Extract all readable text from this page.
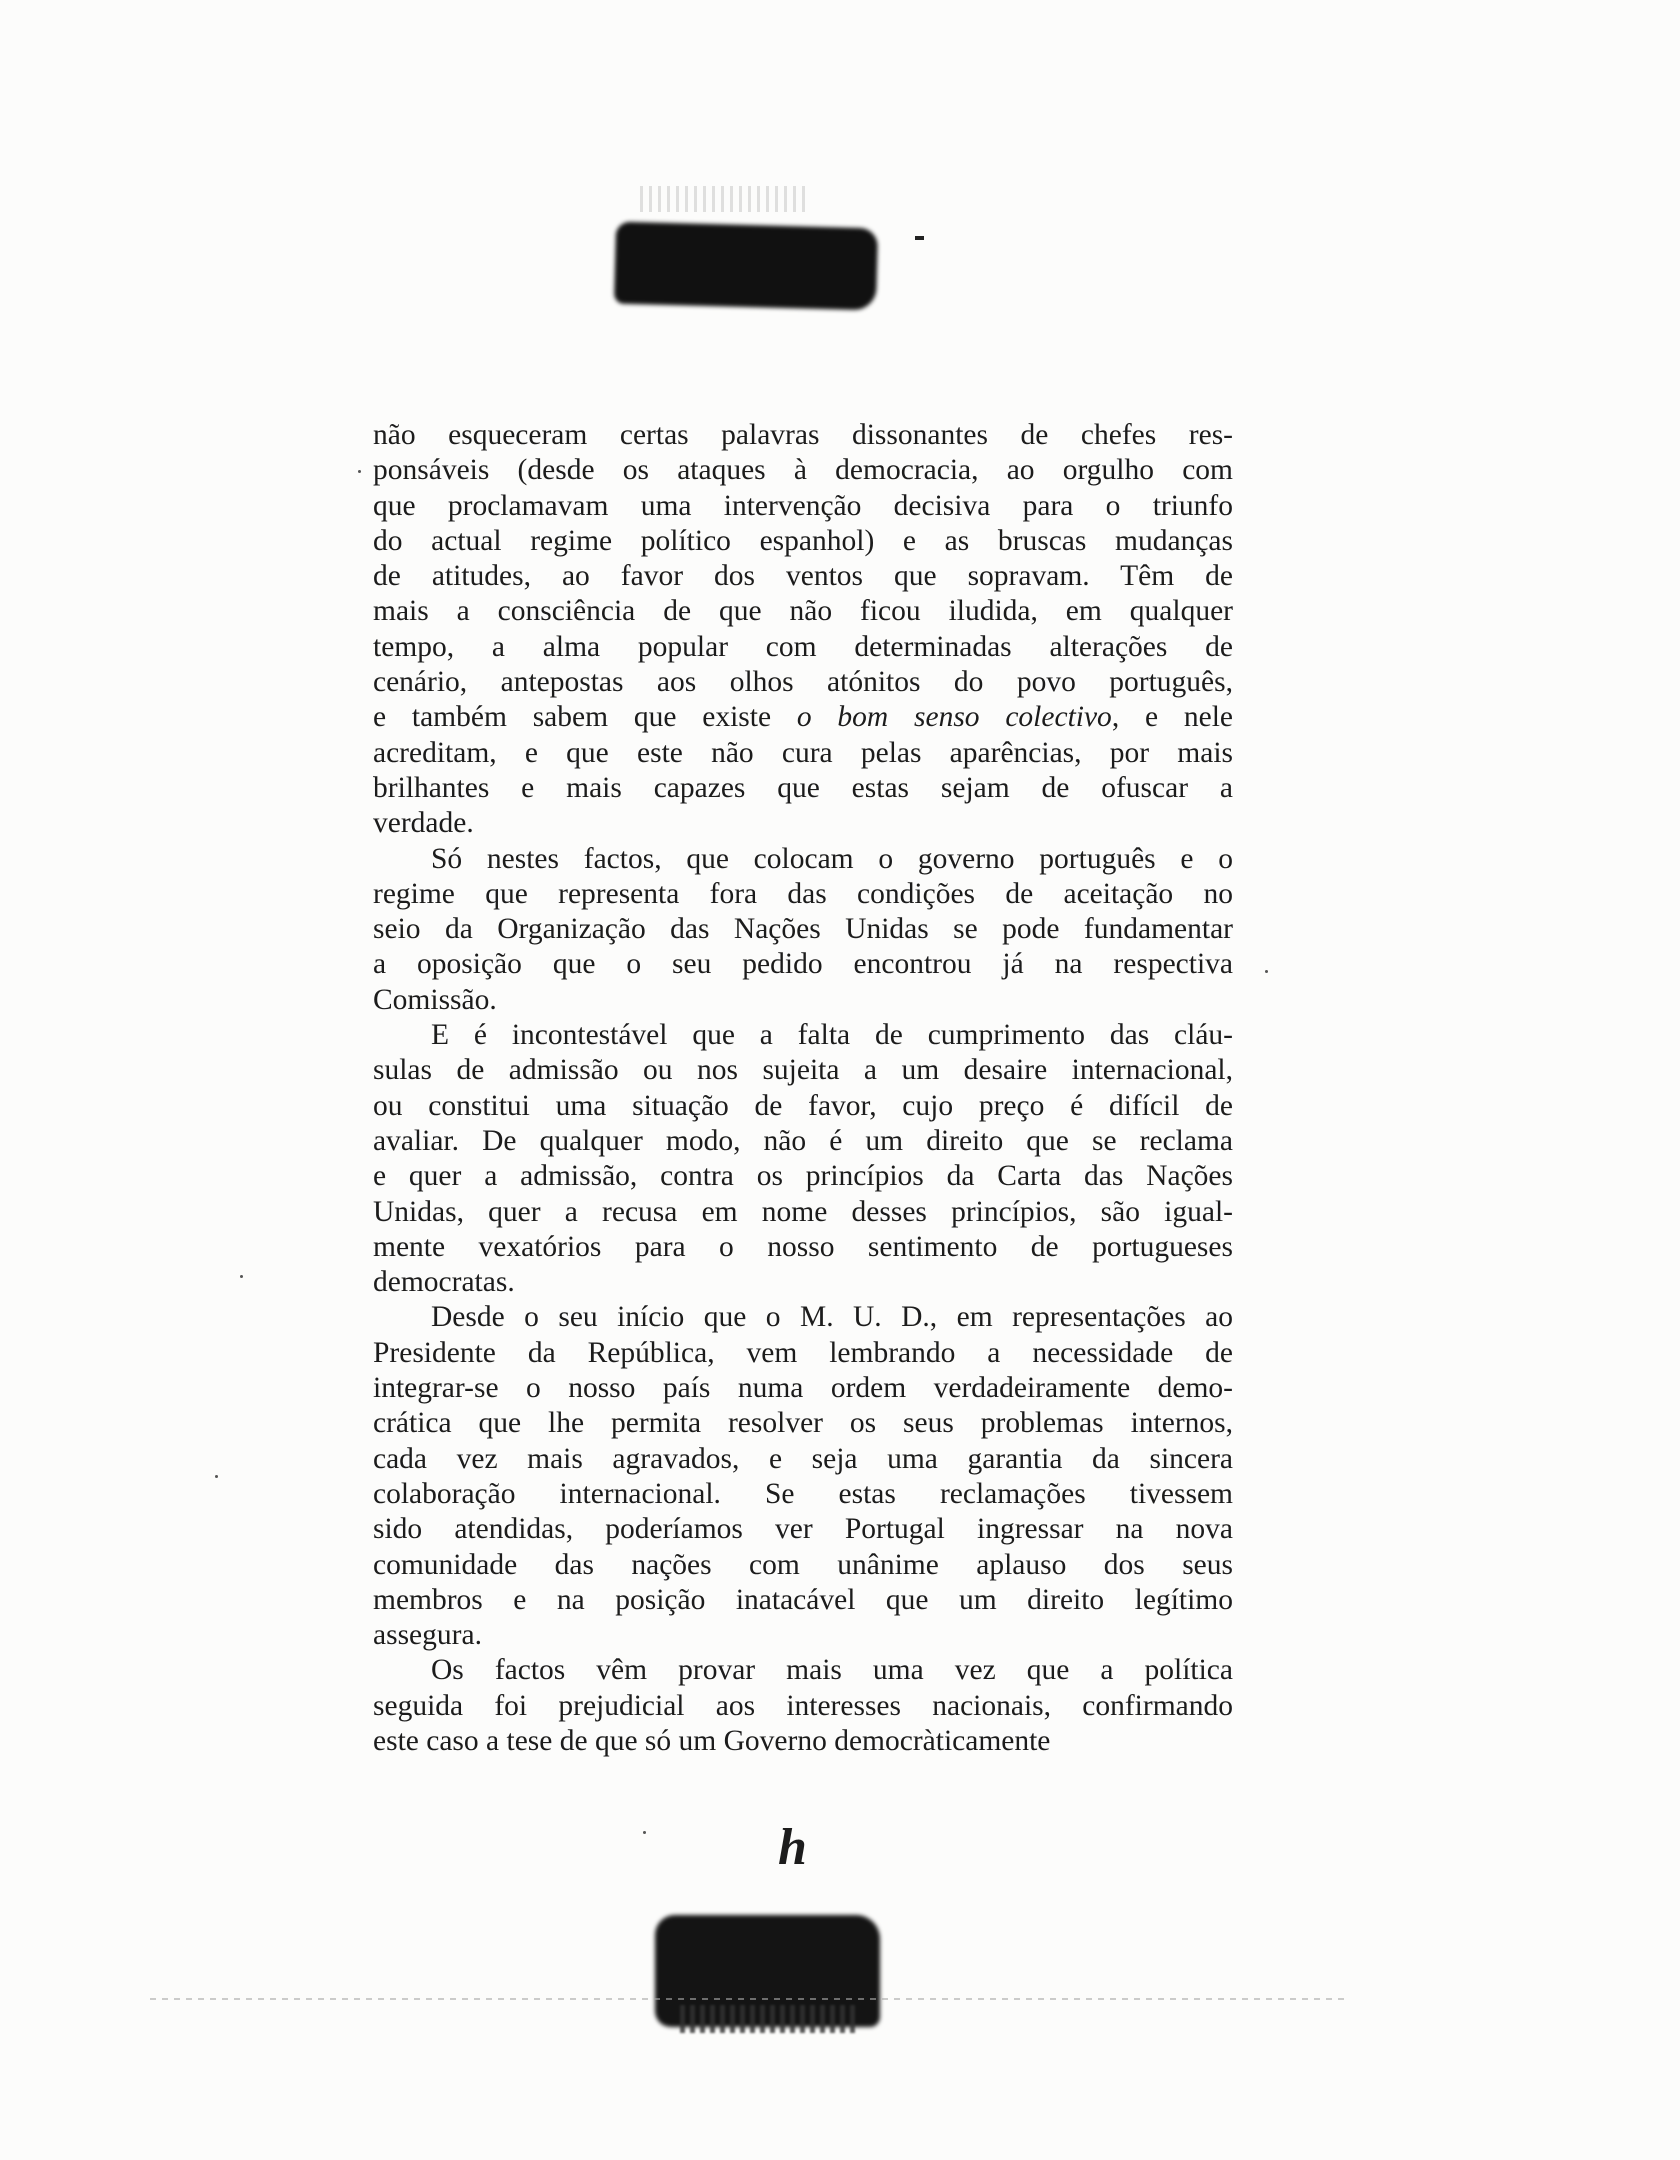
não esqueceram certas palavras dissonantes de chefes res-
ponsáveis (desde os ataques à democracia, ao orgulho com
que proclamavam uma intervenção decisiva para o triunfo
do actual regime político espanhol) e as bruscas mudanças
de atitudes, ao favor dos ventos que sopravam. Têm de
mais a consciência de que não ficou iludida, em qualquer
tempo, a alma popular com determinadas alterações de
cenário, antepostas aos olhos atónitos do povo português,
e também sabem que existe o bom senso colectivo, e nele
acreditam, e que este não cura pelas aparências, por mais
brilhantes e mais capazes que estas sejam de ofuscar a
verdade.

Só nestes factos, que colocam o governo português e o
regime que representa fora das condições de aceitação no
seio da Organização das Nações Unidas se pode fundamentar
a oposição que o seu pedido encontrou já na respectiva
Comissão.

E é incontestável que a falta de cumprimento das cláu-
sulas de admissão ou nos sujeita a um desaire internacional,
ou constitui uma situação de favor, cujo preço é difícil de
avaliar. De qualquer modo, não é um direito que se reclama
e quer a admissão, contra os princípios da Carta das Nações
Unidas, quer a recusa em nome desses princípios, são igual-
mente vexatórios para o nosso sentimento de portugueses
democratas.

Desde o seu início que o M. U. D., em representações ao
Presidente da República, vem lembrando a necessidade de
integrar-se o nosso país numa ordem verdadeiramente demo-
crática que lhe permita resolver os seus problemas internos,
cada vez mais agravados, e seja uma garantia da sincera
colaboração internacional. Se estas reclamações tivessem
sido atendidas, poderíamos ver Portugal ingressar na nova
comunidade das nações com unânime aplauso dos seus
membros e na posição inatacável que um direito legítimo
assegura.

Os factos vêm provar mais uma vez que a política
seguida foi prejudicial aos interesses nacionais, confirmando
este caso a tese de que só um Governo democràticamente

h
